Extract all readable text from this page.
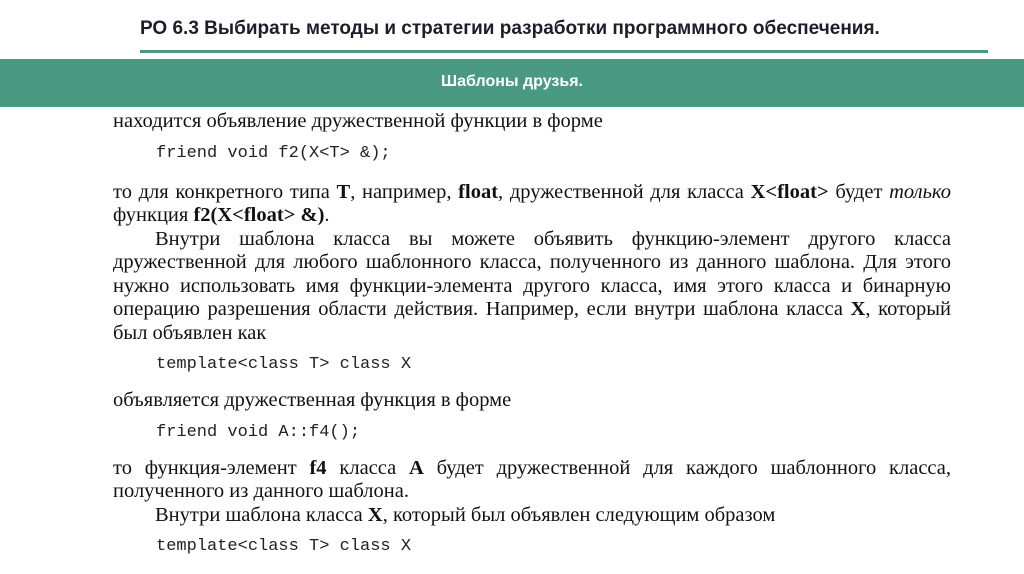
РО 6.3 Выбирать методы и стратегии разработки программного обеспечения.
Шаблоны друзья.

находится объявление дружественной функции в форме

friend void f2(X<T> &);

то для конкретного типа T, например, float, дружественной для класса X<float> будет только функция f2(X<float> &).

Внутри шаблона класса вы можете объявить функцию-элемент другого класса дружественной для любого шаблонного класса, полученного из данного шаблона. Для этого нужно использовать имя функции-элемента другого класса, имя этого класса и бинарную операцию разрешения области действия. Например, если внутри шаблона класса X, который был объявлен как

template<class T> class X

объявляется дружественная функция в форме

friend void A::f4();

то функция-элемент f4 класса A будет дружественной для каждого шаблонного класса, полученного из данного шаблона.

Внутри шаблона класса X, который был объявлен следующим образом

template<class T> class X
